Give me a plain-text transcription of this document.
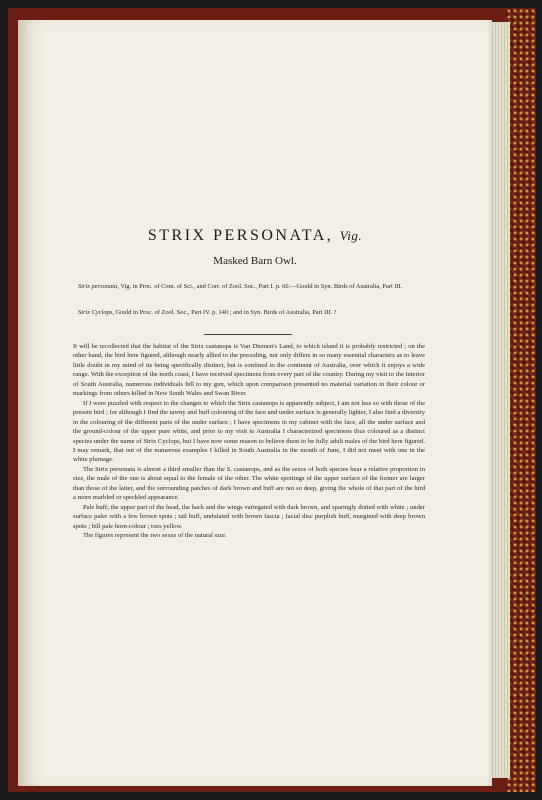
STRIX PERSONATA, Vig.
Masked Barn Owl.
Strix personata, Vig. in Proc. of Com. of Sci., and Corr. of Zool. Soc., Part I. p. 60.—Gould in Syn. Birds of Australia, Part III.
Strix Cyclops, Gould in Proc. of Zool. Soc., Part IV. p. 140 ; and in Syn. Birds of Australia, Part III. ?

It will be recollected that the habitat of the Strix castanops is Van Diemen's Land, to which island it is probably restricted ; on the other hand, the bird here figured, although nearly allied to the preceding, not only differs in so many essential characters as to leave little doubt in my mind of its being specifically distinct, but is confined to the continent of Australia, over which it enjoys a wide range. With the exception of the north coast, I have received specimens from every part of the country. During my visit to the interior of South Australia, numerous individuals fell to my gun, which upon comparison presented no material variation in their colour or markings from others killed in New South Wales and Swan River.

If I were puzzled with respect to the changes to which the Strix castanops is apparently subject, I am not less so with those of the present bird ; for although I find the tawny and buff colouring of the face and under surface is generally lighter, I also find a diversity in the colouring of the different parts of the under surface ; I have specimens in my cabinet with the face, all the under surface and the ground-colour of the upper pure white, and prior to my visit to Australia I characterized specimens thus coloured as a distinct species under the name of Strix Cyclops, but I have now some reason to believe them to be fully adult males of the bird here figured. I may remark, that out of the numerous examples I killed in South Australia in the month of June, I did not meet with one in the white plumage.

The Strix personata is almost a third smaller than the S. castanops, and as the sexes of both species bear a relative proportion in size, the male of the one is about equal to the female of the other. The white spottings of the upper surface of the former are larger than those of the latter, and the surrounding patches of dark brown and buff are not so deep, giving the whole of that part of the bird a more marbled or speckled appearance.

Pale buff; the upper part of the head, the back and the wings variegated with dark brown, and sparingly dotted with white ; under surface paler with a few brown spots ; tail buff, undulated with brown fascia ; facial disc purplish buff, margined with deep brown spots ; bill pale horn-colour ; toes yellow.

The figures represent the two sexes of the natural size.
